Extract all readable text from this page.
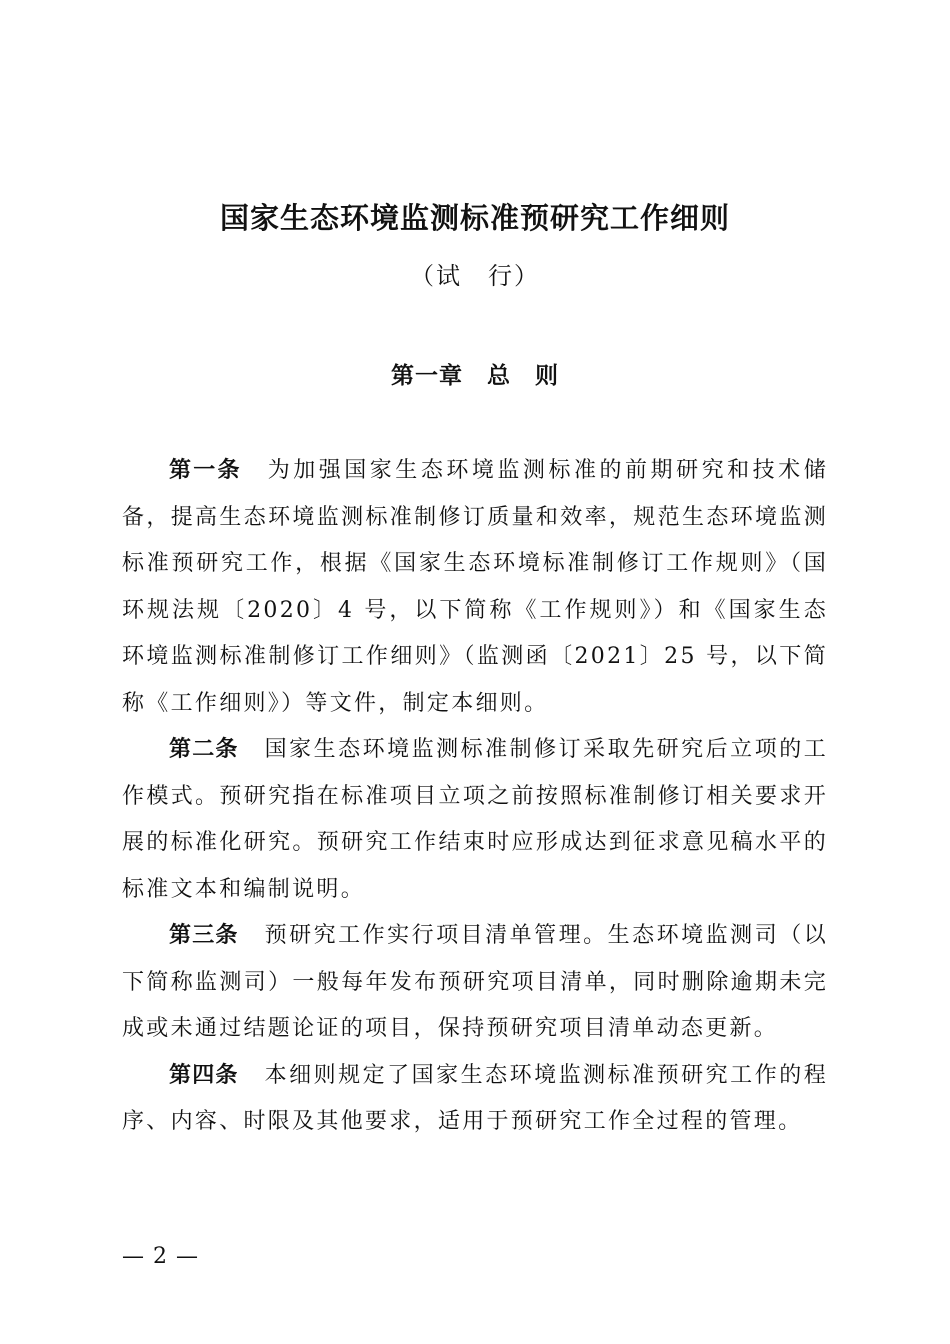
国家生态环境监测标准预研究工作细则
（试　行）
第一章　总　则

第一条 为加强国家生态环境监测标准的前期研究和技术储备，提高生态环境监测标准制修订质量和效率，规范生态环境监测标准预研究工作，根据《国家生态环境标准制修订工作规则》（国环规法规〔2020〕4 号，以下简称《工作规则》）和《国家生态环境监测标准制修订工作细则》（监测函〔2021〕25 号，以下简称《工作细则》）等文件，制定本细则。

第二条 国家生态环境监测标准制修订采取先研究后立项的工作模式。预研究指在标准项目立项之前按照标准制修订相关要求开展的标准化研究。预研究工作结束时应形成达到征求意见稿水平的标准文本和编制说明。

第三条 预研究工作实行项目清单管理。生态环境监测司（以下简称监测司）一般每年发布预研究项目清单，同时删除逾期未完成或未通过结题论证的项目，保持预研究项目清单动态更新。

第四条 本细则规定了国家生态环境监测标准预研究工作的程序、内容、时限及其他要求，适用于预研究工作全过程的管理。

— 2 —
